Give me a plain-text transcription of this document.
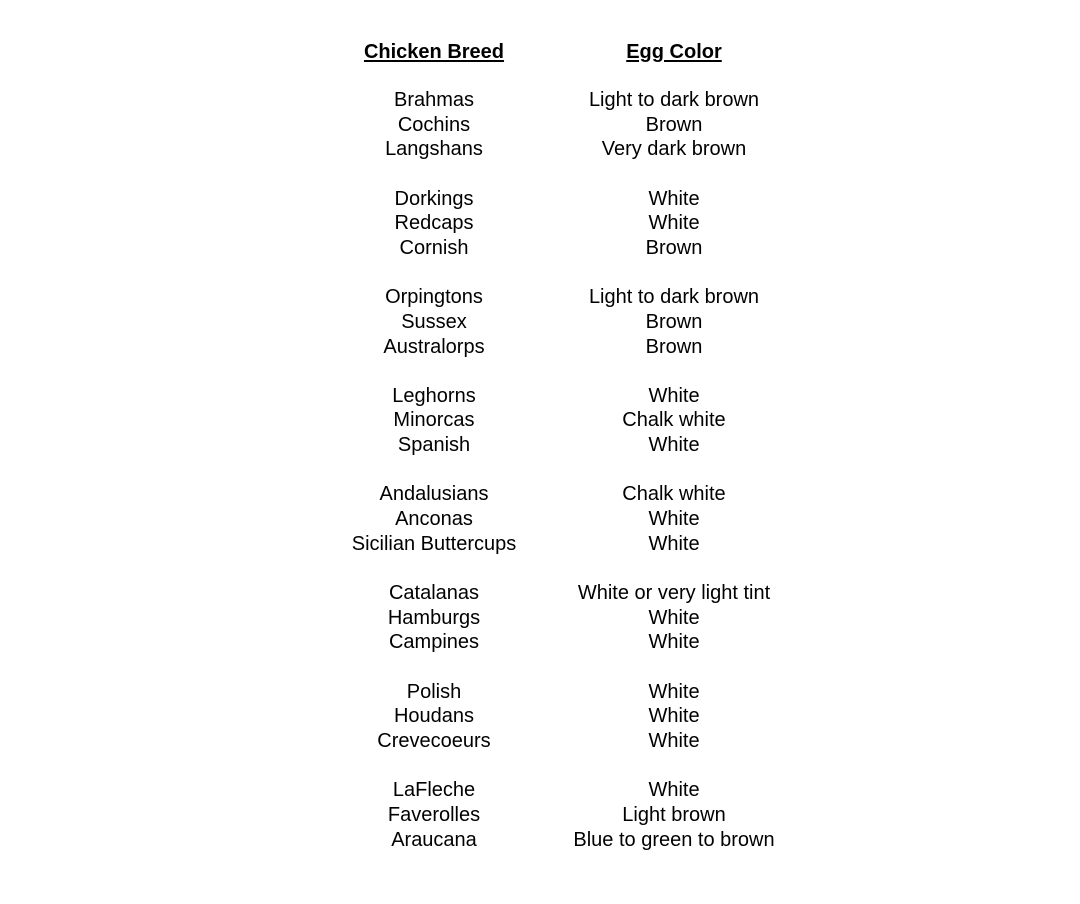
Chicken Breed	Egg Color
Brahmas	Light to dark brown
Cochins	Brown
Langshans	Very dark brown
Dorkings	White
Redcaps	White
Cornish	Brown
Orpingtons	Light to dark brown
Sussex	Brown
Australorps	Brown
Leghorns	White
Minorcas	Chalk white
Spanish	White
Andalusians	Chalk white
Anconas	White
Sicilian Buttercups	White
Catalanas	White or very light tint
Hamburgs	White
Campines	White
Polish	White
Houdans	White
Crevecoeurs	White
LaFleche	White
Faverolles	Light brown
Araucana	Blue to green to brown
